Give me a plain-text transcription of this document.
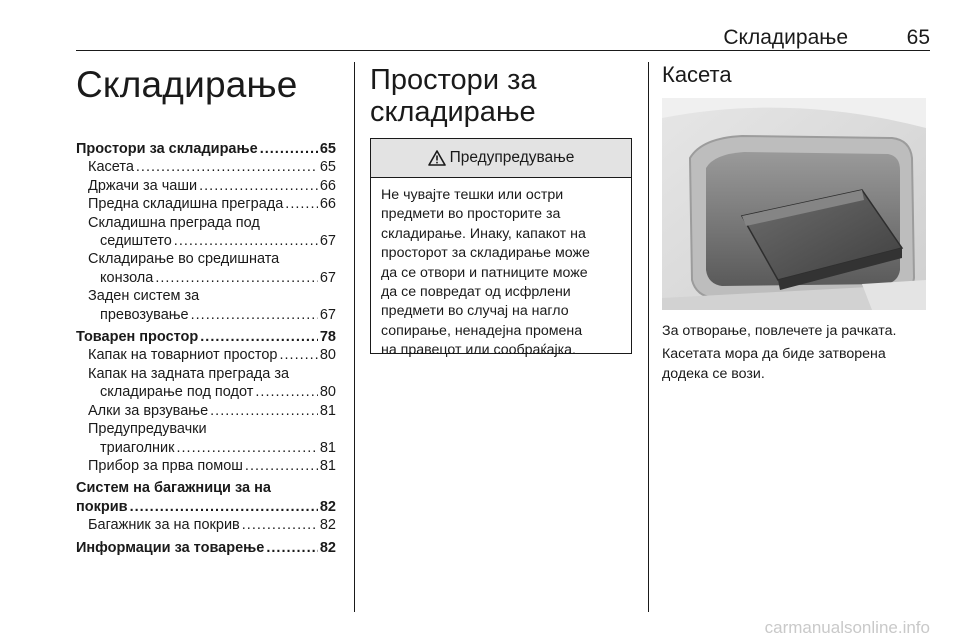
Складирање	65
Складирање
Простори за складирање .....	65
Касета .....	65
Држачи за чаши .....	66
Предна складишна преграда .....	66
Складишна преграда под
седиштето .....	67
Складирање во средишната
конзола .....	67
Заден систем за
превозување .....	67
Товарен простор .....	78
Капак на товарниот простор .....	80
Капак на задната преграда за
складирање под подот .....	80
Алки за врзување .....	81
Предупредувачки
триаголник .....	81
Прибор за прва помош .....	81
Систем на багажници за на
покрив .....	82
Багажник за на покрив .....	82
Информации за товарење .....	82
Простори за
складирање
Предупредување
Не чувајте тешки или остри
предмети во просторите за
складирање. Инаку, капакот на
просторот за складирање може
да се отвори и патниците може
да се повредат од исфрлени
предмети во случај на нагло
сопирање, ненадејна промена
на правецот или сообраќајка.
Касета

За отворање, повлечете ја рачката.

Касетата мора да биде затворена
додека се вози.

carmanualsonline.info
